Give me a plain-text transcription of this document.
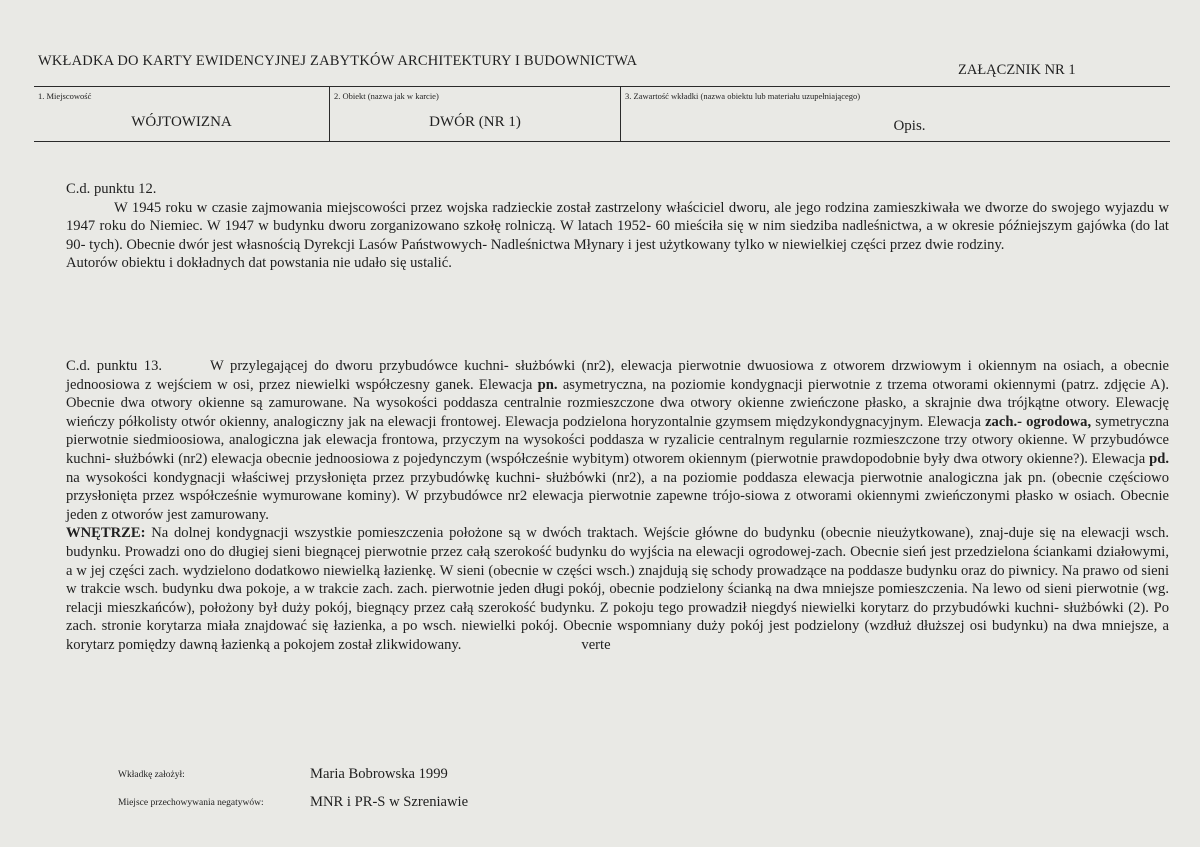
WKŁADKA DO KARTY EWIDENCYJNEJ ZABYTKÓW ARCHITEKTURY I BUDOWNICTWA
ZAŁĄCZNIK NR 1
1. Miejscowość
WÓJTOWIZNA
2. Obiekt (nazwa jak w karcie)
DWÓR (NR 1)
3. Zawartość wkładki (nazwa obiektu lub materiału uzupełniającego)
Opis.

C.d. punktu 12.

W 1945 roku w czasie zajmowania miejscowości przez wojska radzieckie został zastrzelony właściciel dworu, ale jego rodzina zamieszkiwała we dworze do swojego wyjazdu w 1947 roku do Niemiec. W 1947 w budynku dworu zorganizowano szkołę rolniczą. W latach 1952- 60 mieściła się w nim siedziba nadleśnictwa, a w okresie późniejszym gajówka (do lat 90- tych). Obecnie dwór jest własnością Dyrekcji Lasów Państwowych- Nadleśnictwa Młynary i jest użytkowany tylko w niewielkiej części przez dwie rodziny.

Autorów obiektu i dokładnych dat powstania nie udało się ustalić.

C.d. punktu 13.	W przylegającej do dworu przybudówce kuchni- służbówki (nr2), elewacja pierwotnie dwuosiowa z otworem drzwiowym i okiennym na osiach, a obecnie jednoosiowa z wejściem w osi, przez niewielki współczesny ganek. Elewacja pn. asymetryczna, na poziomie kondygnacji pierwotnie z trzema otworami okiennymi (patrz. zdjęcie A). Obecnie dwa otwory okienne są zamurowane. Na wysokości poddasza centralnie rozmieszczone dwa otwory okienne zwieńczone płasko, a skrajnie dwa trójkątne otwory. Elewację wieńczy półkolisty otwór okienny, analogiczny jak na elewacji frontowej. Elewacja podzielona horyzontalnie gzymsem międzykondygnacyjnym. Elewacja zach.- ogrodowa, symetryczna pierwotnie siedmioosiowa, analogiczna jak elewacja frontowa, przyczym na wysokości poddasza w ryzalicie centralnym regularnie rozmieszczone trzy otwory okienne. W przybudówce kuchni- służbówki (nr2) elewacja obecnie jednoosiowa z pojedynczym (współcześnie wybitym) otworem okiennym (pierwotnie prawdopodobnie były dwa otwory okienne?). Elewacja pd. na wysokości kondygnacji właściwej przysłonięta przez przybudówkę kuchni- służbówki (nr2), a na poziomie poddasza elewacja pierwotnie analogiczna jak pn. (obecnie częściowo przysłonięta przez współcześnie wymurowane kominy). W przybudówce nr2 elewacja pierwotnie zapewne trójo-siowa z otworami okiennymi zwieńczonymi płasko w osiach. Obecnie jeden z otworów jest zamurowany.

WNĘTRZE: Na dolnej kondygnacji wszystkie pomieszczenia położone są w dwóch traktach. Wejście główne do budynku (obecnie nieużytkowane), znaj-duje się na elewacji wsch. budynku. Prowadzi ono do długiej sieni biegnącej pierwotnie przez całą szerokość budynku do wyjścia na elewacji ogrodowej-zach. Obecnie sień jest przedzielona ściankami działowymi, a w jej części zach. wydzielono dodatkowo niewielką łazienkę. W sieni (obecnie w części wsch.) znajdują się schody prowadzące na poddasze budynku oraz do piwnicy. Na prawo od sieni w trakcie wsch. budynku dwa pokoje, a w trakcie zach. zach. pierwotnie jeden długi pokój, obecnie podzielony ścianką na dwa mniejsze pomieszczenia. Na lewo od sieni pierwotnie (wg. relacji mieszkańców), położony był duży pokój, biegnący przez całą szerokość budynku. Z pokoju tego prowadził niegdyś niewielki korytarz do przybudówki kuchni- służbówki (2). Po zach. stronie korytarza miała znajdować się łazienka, a po wsch. niewielki pokój. Obecnie wspomniany duży pokój jest podzielony (wzdłuż dłuższej osi budynku) na dwa mniejsze, a korytarz pomiędzy dawną łazienką a pokojem został zlikwidowany.	verte

Wkładkę założył:	Maria Bobrowska 1999
Miejsce przechowywania negatywów:	MNR i PR-S w Szreniawie
